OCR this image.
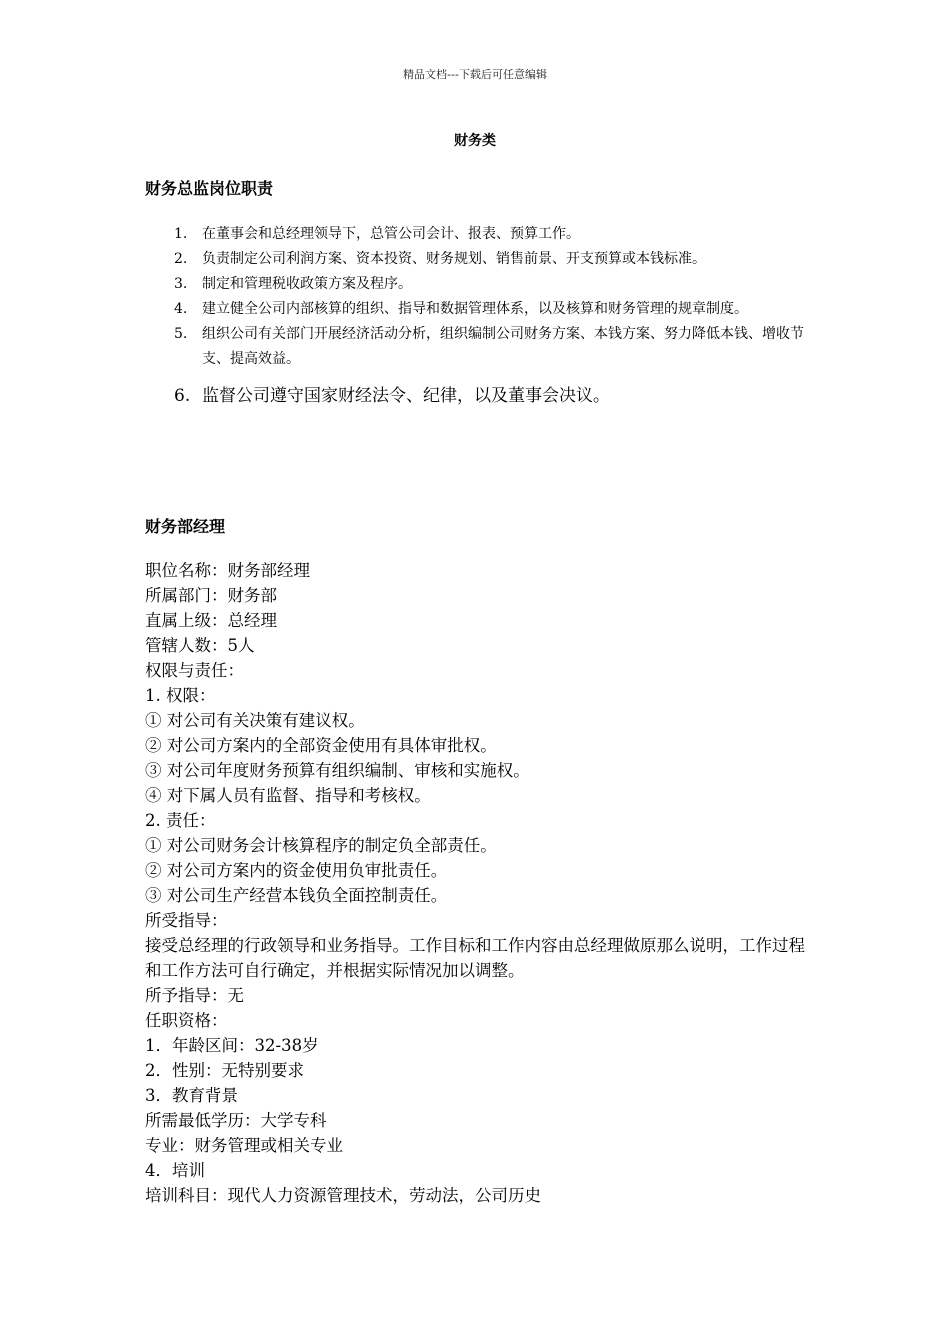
精品文档---下载后可任意编辑
财务类
财务总监岗位职责
1.	在董事会和总经理领导下，总管公司会计、报表、预算工作。
2.	负责制定公司利润方案、资本投资、财务规划、销售前景、开支预算或本钱标准。
3.	制定和管理税收政策方案及程序。
4.	建立健全公司内部核算的组织、指导和数据管理体系，以及核算和财务管理的规章制度。
5.	组织公司有关部门开展经济活动分析，组织编制公司财务方案、本钱方案、努力降低本钱、增收节支、提高效益。
6. 监督公司遵守国家财经法令、纪律，以及董事会决议。
财务部经理
职位名称：财务部经理
所属部门：财务部
直属上级：总经理
管辖人数：5人
权限与责任：
1. 权限：
① 对公司有关决策有建议权。
② 对公司方案内的全部资金使用有具体审批权。
③ 对公司年度财务预算有组织编制、审核和实施权。
④ 对下属人员有监督、指导和考核权。
2. 责任：
① 对公司财务会计核算程序的制定负全部责任。
② 对公司方案内的资金使用负审批责任。
③ 对公司生产经营本钱负全面控制责任。
所受指导：
接受总经理的行政领导和业务指导。工作目标和工作内容由总经理做原那么说明，工作过程和工作方法可自行确定，并根据实际情况加以调整。
所予指导：无
任职资格：
1．年龄区间：32-38岁
2．性别：无特别要求
3．教育背景
所需最低学历：大学专科
专业：财务管理或相关专业
4．培训
培训科目：现代人力资源管理技术，劳动法，公司历史
